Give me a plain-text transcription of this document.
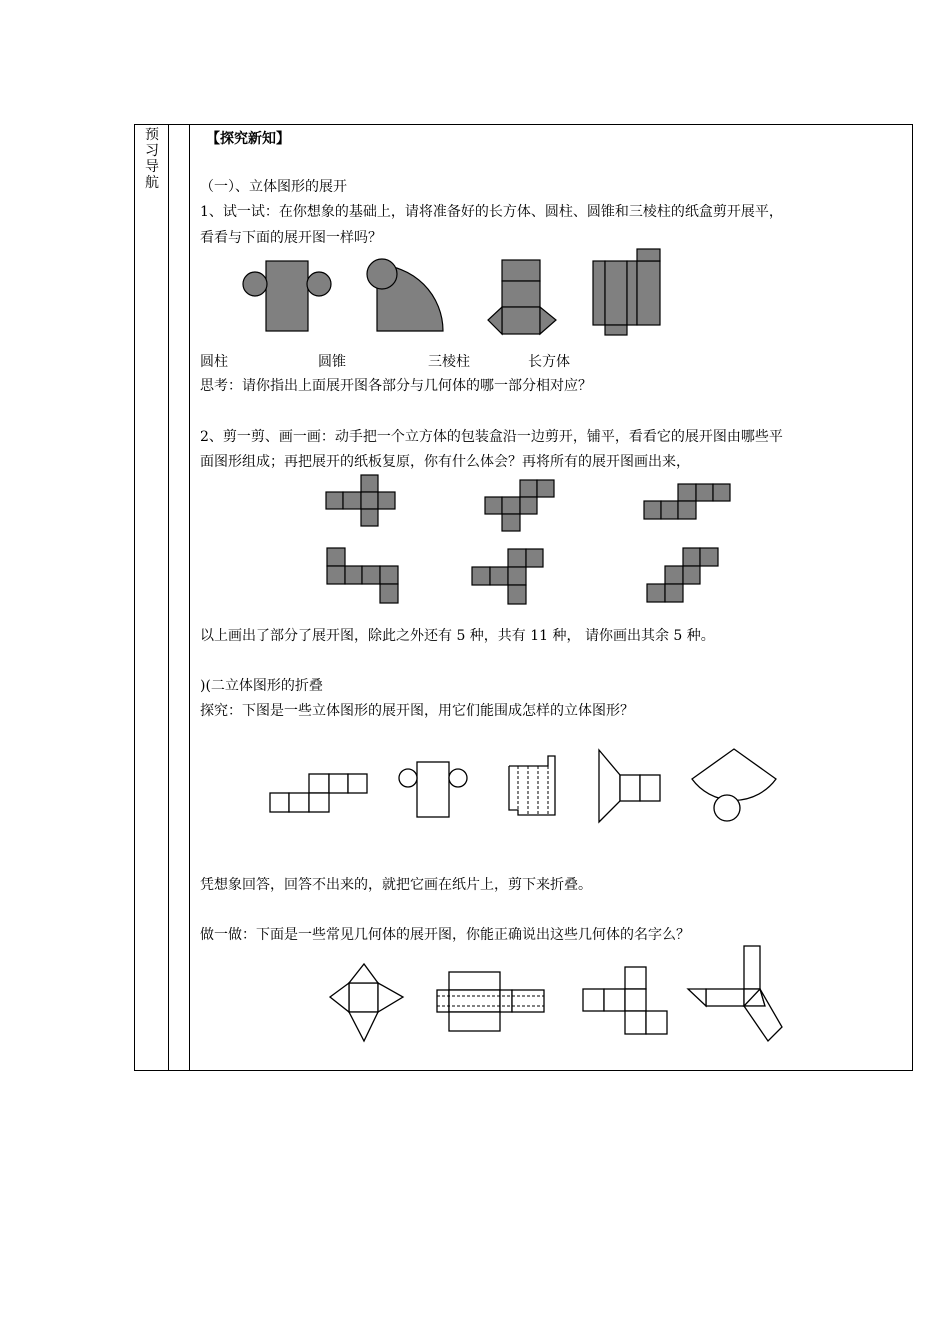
预习导航
【探究新知】
（一）、立体图形的展开
1、试一试：在你想象的基础上，请将准备好的长方体、圆柱、圆锥和三棱柱的纸盒剪开展平，
看看与下面的展开图一样吗？
圆柱	圆锥	三棱柱	长方体
思考：请你指出上面展开图各部分与几何体的哪一部分相对应？
2、剪一剪、画一画：动手把一个立方体的包装盒沿一边剪开，铺平，看看它的展开图由哪些平
面图形组成；再把展开的纸板复原，你有什么体会？再将所有的展开图画出来，
以上画出了部分了展开图，除此之外还有 5 种，共有 11 种， 请你画出其余 5 种。
)(二立体图形的折叠
探究：下图是一些立体图形的展开图，用它们能围成怎样的立体图形？
凭想象回答，回答不出来的，就把它画在纸片上，剪下来折叠。
做一做：下面是一些常见几何体的展开图，你能正确说出这些几何体的名字么？
